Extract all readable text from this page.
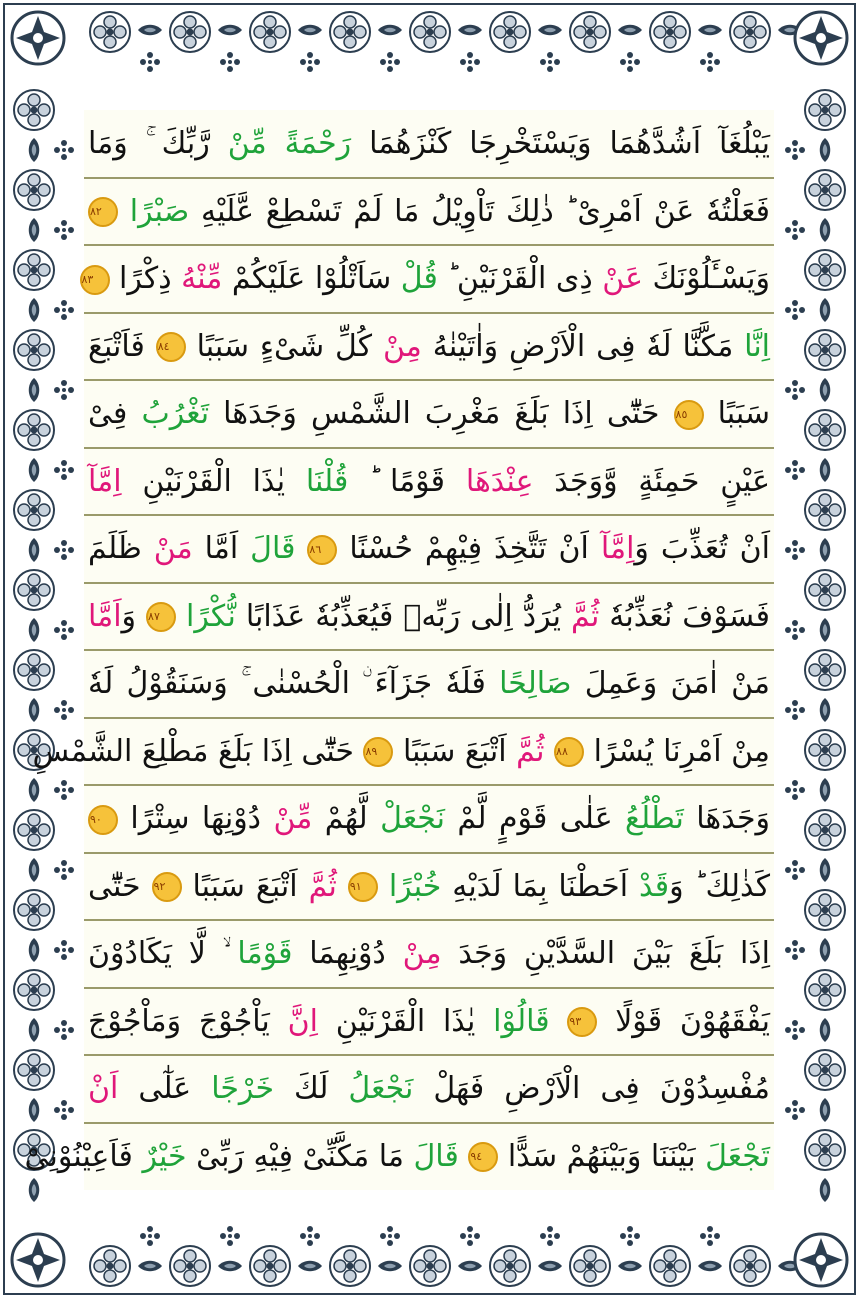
يَبْلُغَآ اَشُدَّهُمَا وَيَسْتَخْرِجَا كَنْزَهُمَا رَحْمَةً مِّنْ رَّبِّكَ ۚ وَمَا
فَعَلْتُهٗ عَنْ اَمْرِىْ ؕ ذٰلِكَ تَاْوِيْلُ مَا لَمْ تَسْطِعْ عَّلَيْهِ صَبْرًا ٨٢
وَيَسْـَٔلُوْنَكَ عَنْ ذِى الْقَرْنَيْنِ ؕ قُلْ سَاَتْلُوْا عَلَيْكُمْ مِّنْهُ ذِكْرًا ٨٣
اِنَّا مَكَّنَّا لَهٗ فِى الْاَرْضِ وَاٰتَيْنٰهُ مِنْ كُلِّ شَىْءٍ سَبَبًا ٨٤ فَاَتْبَعَ
سَبَبًا ٨٥ حَتّٰٓى اِذَا بَلَغَ مَغْرِبَ الشَّمْسِ وَجَدَهَا تَغْرُبُ فِىْ
عَيْنٍ حَمِئَةٍ وَّوَجَدَ عِنْدَهَا قَوْمًا ؕ قُلْنَا يٰذَا الْقَرْنَيْنِ اِمَّآ
اَنْ تُعَذِّبَ وَاِمَّآ اَنْ تَتَّخِذَ فِيْهِمْ حُسْنًا ٨٦ قَالَ اَمَّا مَنْ ظَلَمَ
فَسَوْفَ نُعَذِّبُهٗ ثُمَّ يُرَدُّ اِلٰى رَبِّهٖ فَيُعَذِّبُهٗ عَذَابًا نُّكْرًا ٨٧ وَاَمَّا
مَنْ اٰمَنَ وَعَمِلَ صَالِحًا فَلَهٗ جَزَآءَ ۨ الْحُسْنٰى ۚ وَسَنَقُوْلُ لَهٗ
مِنْ اَمْرِنَا يُسْرًا ٨٨ ثُمَّ اَتْبَعَ سَبَبًا ٨٩ حَتّٰٓى اِذَا بَلَغَ مَطْلِعَ الشَّمْسِ
وَجَدَهَا تَطْلُعُ عَلٰى قَوْمٍ لَّمْ نَجْعَلْ لَّهُمْ مِّنْ دُوْنِهَا سِتْرًا ٩٠
كَذٰلِكَ ؕ وَقَدْ اَحَطْنَا بِمَا لَدَيْهِ خُبْرًا ٩١ ثُمَّ اَتْبَعَ سَبَبًا ٩٢ حَتّٰٓى
اِذَا بَلَغَ بَيْنَ السَّدَّيْنِ وَجَدَ مِنْ دُوْنِهِمَا قَوْمًا ۙ لَّا يَكَادُوْنَ
يَفْقَهُوْنَ قَوْلًا ٩٣ قَالُوْا يٰذَا الْقَرْنَيْنِ اِنَّ يَاْجُوْجَ وَمَاْجُوْجَ
مُفْسِدُوْنَ فِى الْاَرْضِ فَهَلْ نَجْعَلُ لَكَ خَرْجًا عَلٰٓى اَنْ
تَجْعَلَ بَيْنَنَا وَبَيْنَهُمْ سَدًّا ٩٤ قَالَ مَا مَكَّنِّىْ فِيْهِ رَبِّىْ خَيْرٌ فَاَعِيْنُوْنِىْ
